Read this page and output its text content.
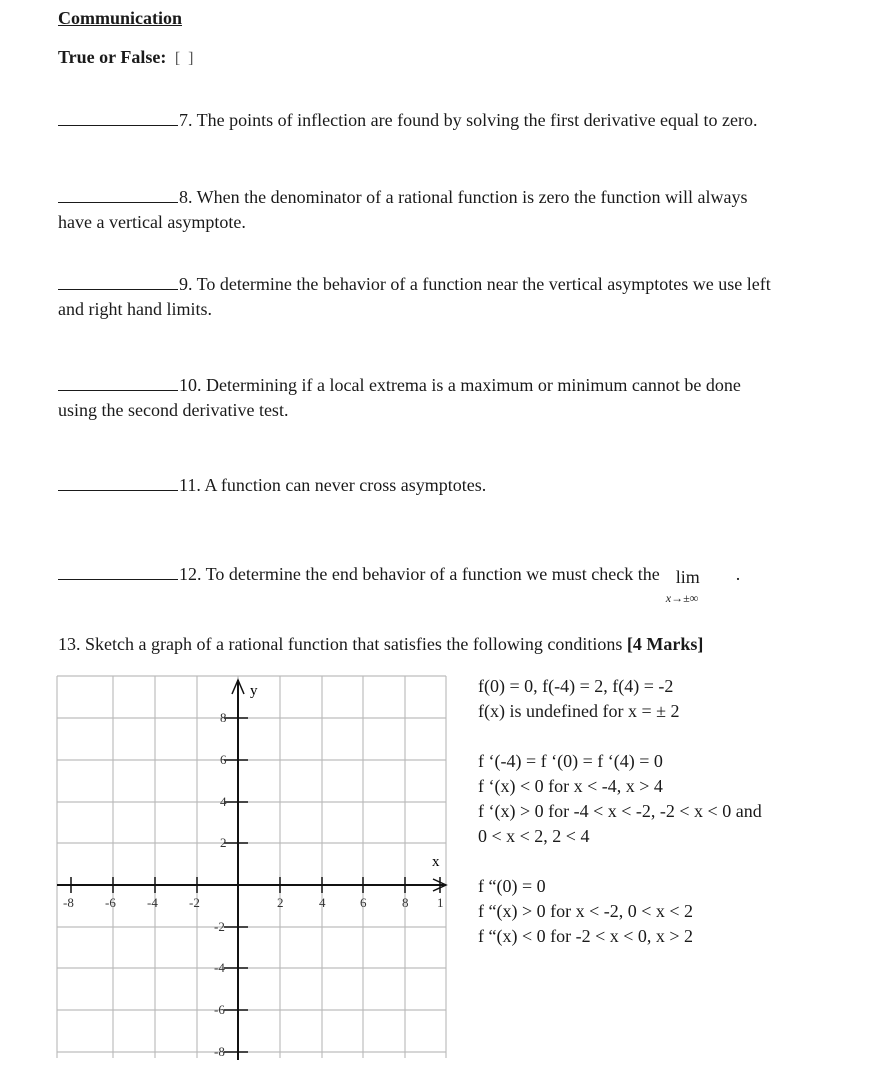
Communication
True or False: [ ]
7. The points of inflection are found by solving the first derivative equal to zero.
8. When the denominator of a rational function is zero the function will always
have a vertical asymptote.
9. To determine the behavior of a function near the vertical asymptotes we use left
and right hand limits.
10. Determining if a local extrema is a maximum or minimum cannot be done
using the second derivative test.
11. A function can never cross asymptotes.
12. To determine the end behavior of a function we must check the lim
x→±∞
.
13. Sketch a graph of a rational function that satisfies the following conditions [4 Marks]
-8 -6 -4 -2	2	4	6	8 1
8
6
4
2
-2
-4
-6
-8
y
x
f(0) = 0, f(-4) = 2, f(4) = -2
f(x) is undefined for x = ± 2
f ‘(-4) = f ‘(0) = f ‘(4) = 0
f ‘(x) < 0 for x < -4, x > 4
f ‘(x) > 0 for -4 < x < -2, -2 < x < 0 and
0 < x < 2, 2 < 4
f “(0) = 0
f “(x) > 0 for x < -2, 0 < x < 2
f “(x) < 0 for -2 < x < 0, x > 2
